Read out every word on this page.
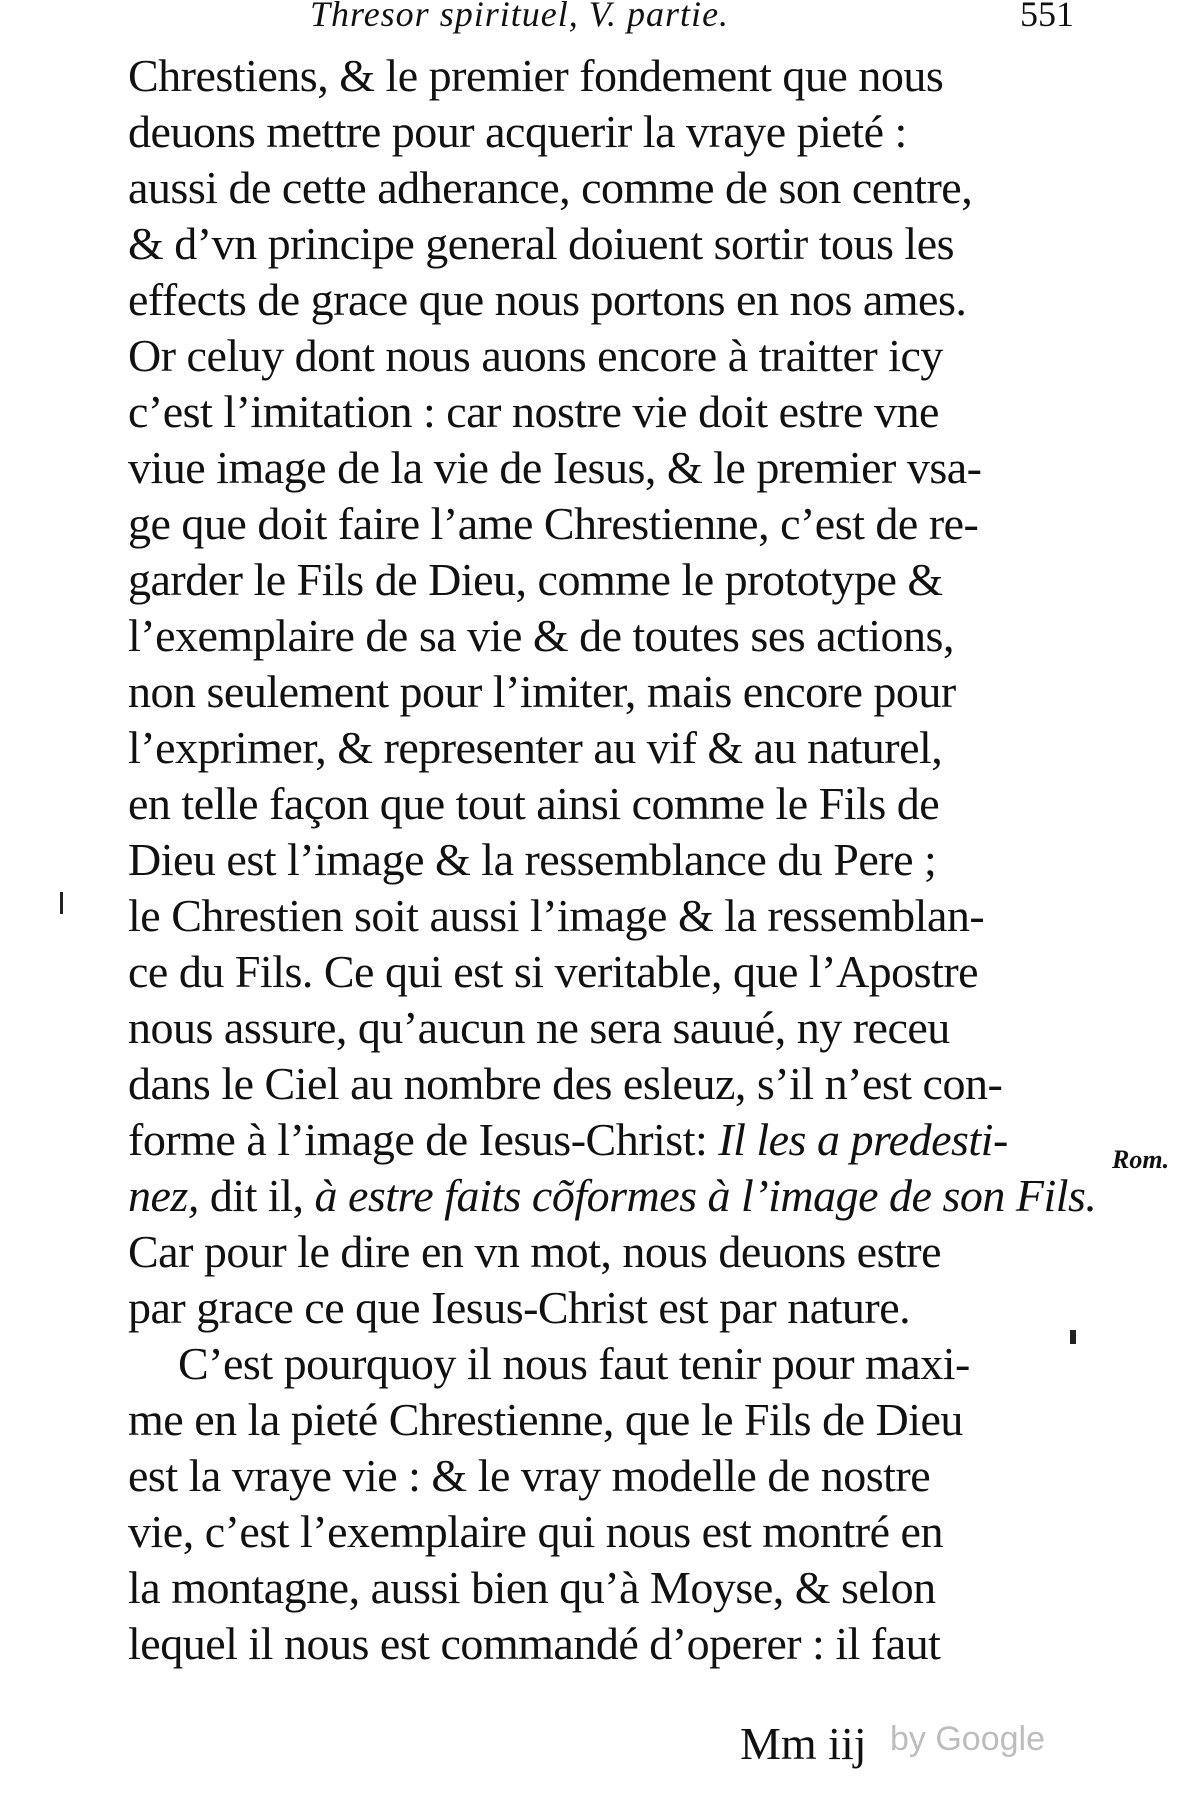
Thresor spirituel, V. partie.	551
Chrestiens, & le premier fondement que nous
deuons mettre pour acquerir la vraye pieté :
aussi de cette adherance, comme de son centre,
& d’vn principe general doiuent sortir tous les
effects de grace que nous portons en nos ames.
Or celuy dont nous auons encore à traitter icy
c’est l’imitation : car nostre vie doit estre vne
viue image de la vie de Iesus, & le premier vsa-
ge que doit faire l’ame Chrestienne, c’est de re-
garder le Fils de Dieu, comme le prototype &
l’exemplaire de sa vie & de toutes ses actions,
non seulement pour l’imiter, mais encore pour
l’exprimer, & representer au vif & au naturel,
en telle façon que tout ainsi comme le Fils de
Dieu est l’image & la ressemblance du Pere ;
le Chrestien soit aussi l’image & la ressemblan-
ce du Fils. Ce qui est si veritable, que l’Apostre
nous assure, qu’aucun ne sera sauué, ny receu
dans le Ciel au nombre des esleuz, s’il n’est con-
forme à l’image de Iesus-Christ: Il les a predesti-
nez, dit il, à estre faits cõformes à l’image de son Fils.
Car pour le dire en vn mot, nous deuons estre
par grace ce que Iesus-Christ est par nature.
C’est pourquoy il nous faut tenir pour maxi-
me en la pieté Chrestienne, que le Fils de Dieu
est la vraye vie : & le vray modelle de nostre
vie, c’est l’exemplaire qui nous est montré en
la montagne, aussi bien qu’à Moyse, & selon
lequel il nous est commandé d’operer : il faut
Rom.
Mm iij by Google
